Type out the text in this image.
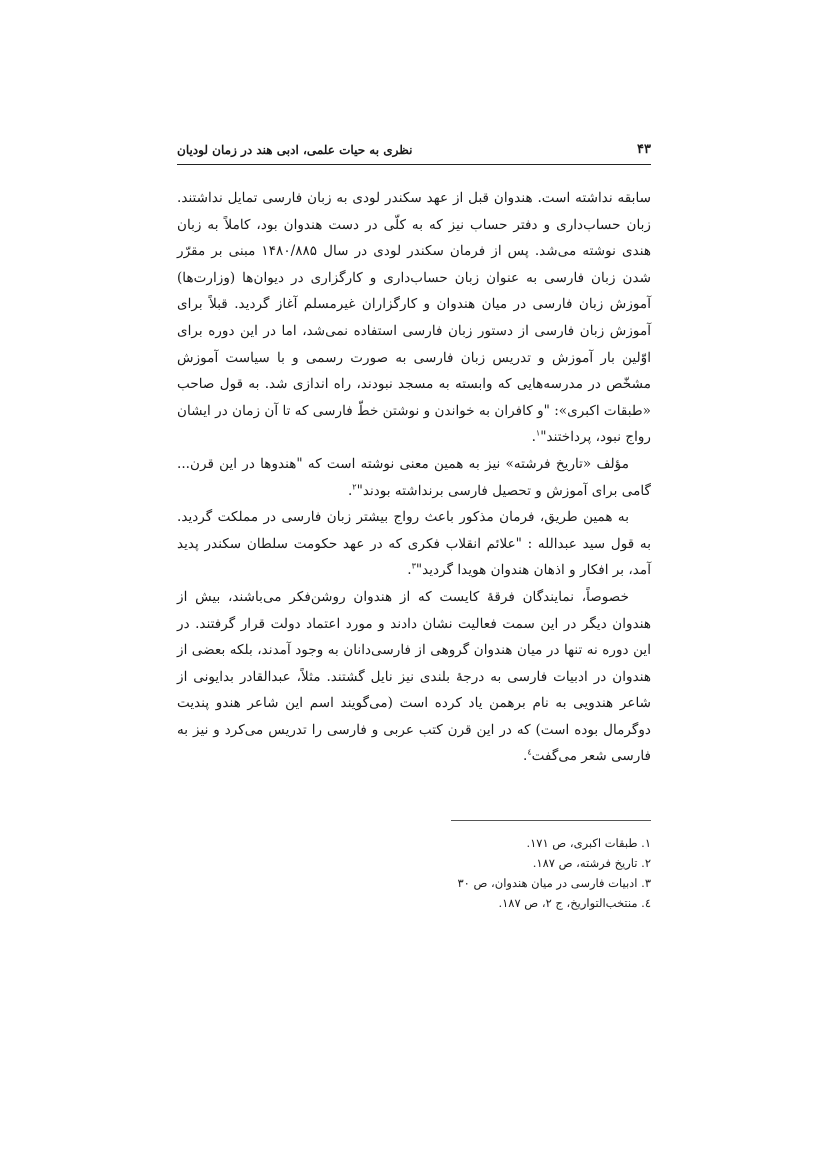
۴۳
نظری به حیات علمی، ادبی هند در زمان لودیان

سابقه نداشته است. هندوان قبل از عهد سکندر لودی به زبان فارسی تمایل نداشتند. زبان حساب‌داری و دفتر حساب نیز که به کلّی در دست هندوان بود، کاملاً به زبان هندی نوشته می‌شد. پس از فرمان سکندر لودی در سال ۱۴۸۰/۸۸۵ مبنی بر مقرّر شدن زبان فارسی به عنوان زبان حساب‌داری و کارگزاری در دیوان‌ها (وزارت‌ها) آموزش زبان فارسی در میان هندوان و کارگزاران غیرمسلم آغاز گردید. قبلاً برای آموزش زبان فارسی از دستور زبان فارسی استفاده نمی‌شد، اما در این دوره برای اوّلین بار آموزش و تدریس زبان فارسی به صورت رسمی و با سیاست آموزش مشخّص در مدرسه‌هایی که وابسته به مسجد نبودند، راه اندازی شد. به قول صاحب «طبقات اکبری»: "و کافران به خواندن و نوشتن خطّ فارسی که تا آن زمان در ایشان رواج نبود، پرداختند"$^۱$.

مؤلف «تاریخ فرشته» نیز به همین معنی نوشته است که "هندوها در این قرن... گامی برای آموزش و تحصیل فارسی برنداشته بودند"$^۲$.

به همین طریق، فرمان مذکور باعث رواج بیشتر زبان فارسی در مملکت گردید. به قول سید عبدالله : "علائم انقلاب فکری که در عهد حکومت سلطان سکندر پدید آمد، بر افکار و اذهان هندوان هویدا گردید"$^۳$.

خصوصاً، نمایندگان فرقهٔ کایست که از هندوان روشن‌فکر می‌باشند، بیش از هندوان دیگر در این سمت فعالیت نشان دادند و مورد اعتماد دولت قرار گرفتند. در این دوره نه تنها در میان هندوان گروهی از فارسی‌دانان به وجود آمدند، بلکه بعضی از هندوان در ادبیات فارسی به درجهٔ بلندی نیز نایل گشتند. مثلاً، عبدالقادر بدایونی از شاعر هندویی به نام برهمن یاد کرده است (می‌گویند اسم این شاعر هندو پندیت دوگرمال بوده است) که در این قرن کتب عربی و فارسی را تدریس می‌کرد و نیز به فارسی شعر می‌گفت$^٤$.

۱. طبقات اکبری، ص ۱۷۱.
۲. تاریخ فرشته، ص ۱۸۷.
۳. ادبیات فارسی در میان هندوان، ص ۳۰
٤. منتخب‌التواریخ، ج ۲، ص ۱۸۷.
